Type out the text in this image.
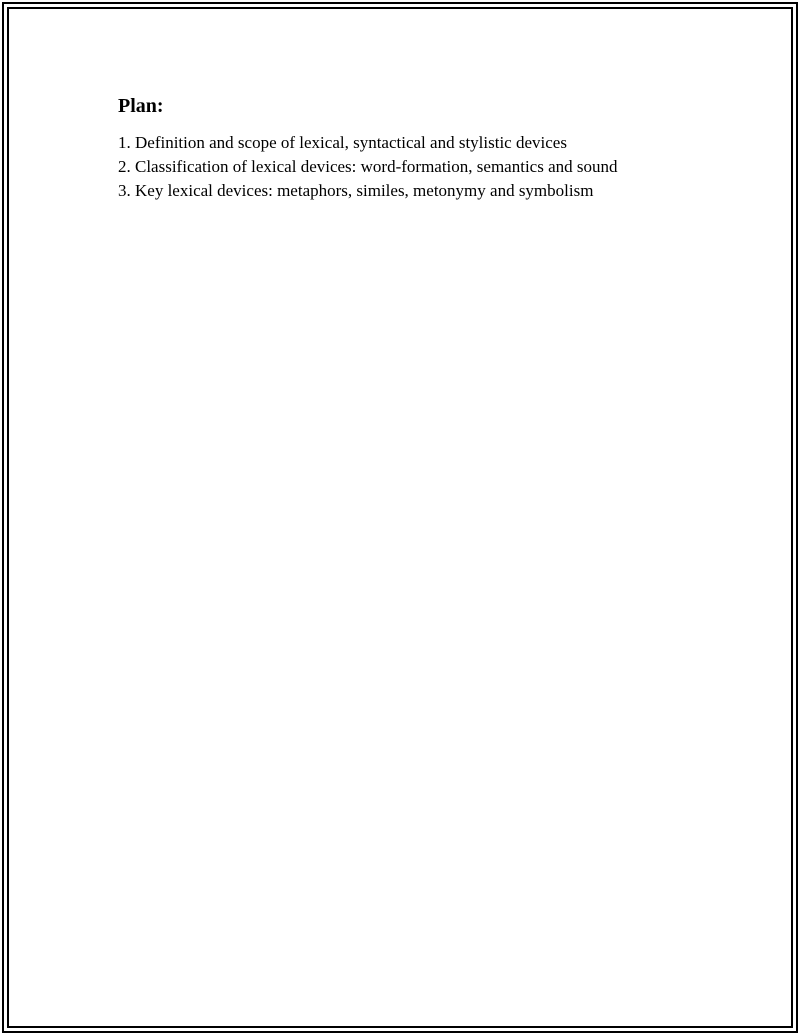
Plan:
1. Definition and scope of lexical, syntactical and stylistic devices
2. Classification of lexical devices: word-formation, semantics and sound
3. Key lexical devices: metaphors, similes, metonymy and symbolism
